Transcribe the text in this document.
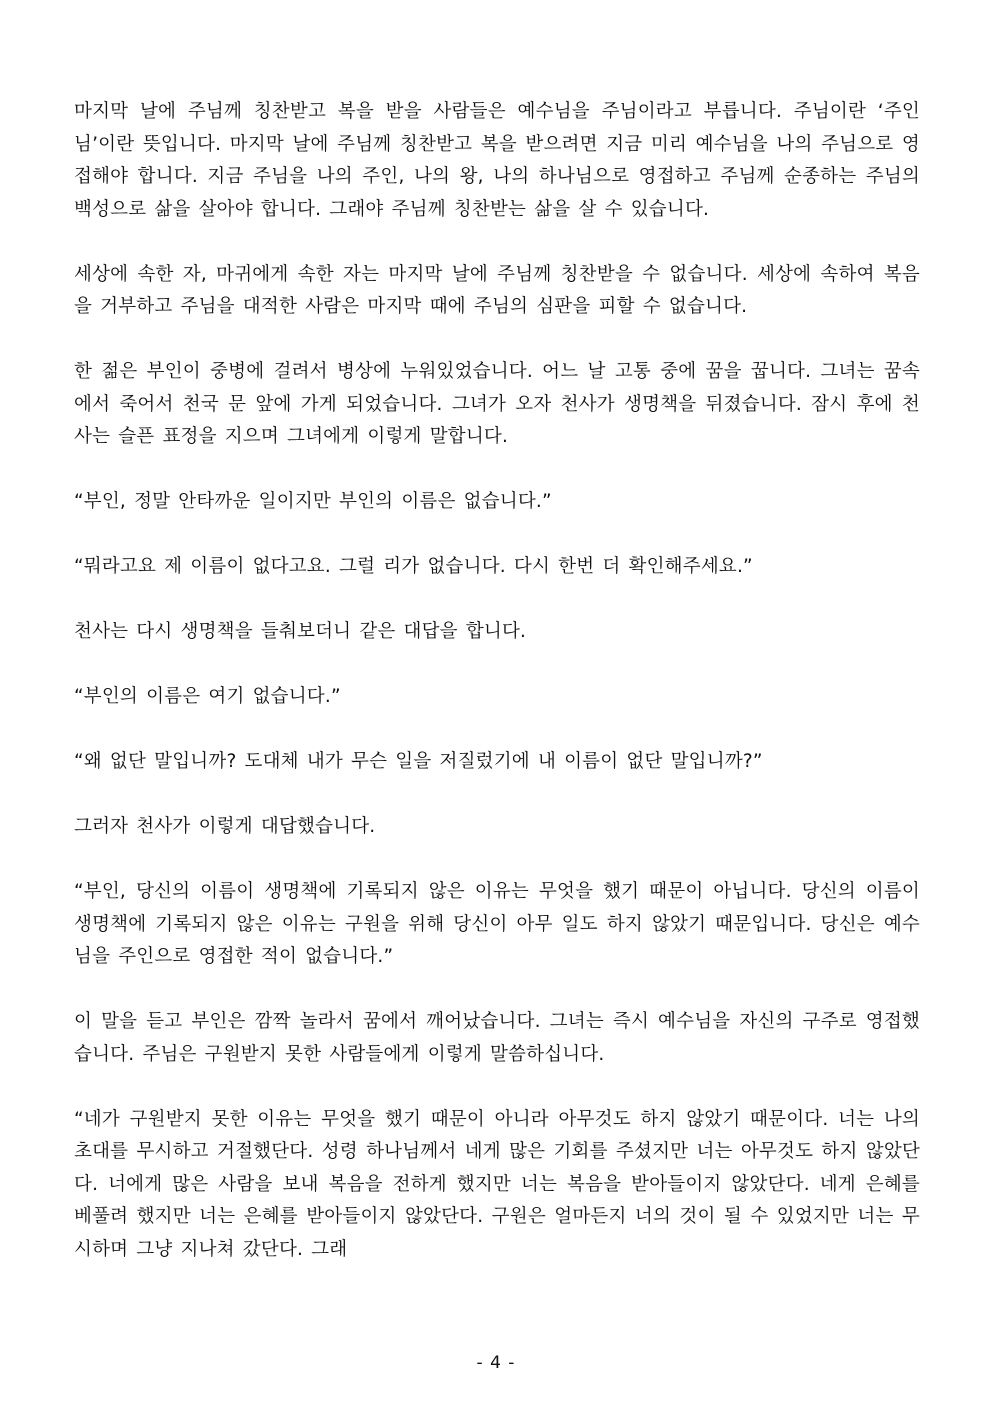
마지막 날에 주님께 칭찬받고 복을 받을 사람들은 예수님을 주님이라고 부릅니다. 주님이란 ‘주인님’이란 뜻입니다. 마지막 날에 주님께 칭찬받고 복을 받으려면 지금 미리 예수님을 나의 주님으로 영접해야 합니다. 지금 주님을 나의 주인, 나의 왕, 나의 하나님으로 영접하고 주님께 순종하는 주님의 백성으로 삶을 살아야 합니다. 그래야 주님께 칭찬받는 삶을 살 수 있습니다.

세상에 속한 자, 마귀에게 속한 자는 마지막 날에 주님께 칭찬받을 수 없습니다. 세상에 속하여 복음을 거부하고 주님을 대적한 사람은 마지막 때에 주님의 심판을 피할 수 없습니다.

한 젊은 부인이 중병에 걸려서 병상에 누워있었습니다. 어느 날 고통 중에 꿈을 꿉니다. 그녀는 꿈속에서 죽어서 천국 문 앞에 가게 되었습니다. 그녀가 오자 천사가 생명책을 뒤졌습니다. 잠시 후에 천사는 슬픈 표정을 지으며 그녀에게 이렇게 말합니다.

“부인, 정말 안타까운 일이지만 부인의 이름은 없습니다.”

“뭐라고요 제 이름이 없다고요. 그럴 리가 없습니다. 다시 한번 더 확인해주세요.”

천사는 다시 생명책을 들춰보더니 같은 대답을 합니다.

“부인의 이름은 여기 없습니다.”

“왜 없단 말입니까? 도대체 내가 무슨 일을 저질렀기에 내 이름이 없단 말입니까?”

그러자 천사가 이렇게 대답했습니다.

“부인, 당신의 이름이 생명책에 기록되지 않은 이유는 무엇을 했기 때문이 아닙니다. 당신의 이름이 생명책에 기록되지 않은 이유는 구원을 위해 당신이 아무 일도 하지 않았기 때문입니다. 당신은 예수님을 주인으로 영접한 적이 없습니다.”

이 말을 듣고 부인은 깜짝 놀라서 꿈에서 깨어났습니다. 그녀는 즉시 예수님을 자신의 구주로 영접했습니다. 주님은 구원받지 못한 사람들에게 이렇게 말씀하십니다.

“네가 구원받지 못한 이유는 무엇을 했기 때문이 아니라 아무것도 하지 않았기 때문이다. 너는 나의 초대를 무시하고 거절했단다. 성령 하나님께서 네게 많은 기회를 주셨지만 너는 아무것도 하지 않았단다. 너에게 많은 사람을 보내 복음을 전하게 했지만 너는 복음을 받아들이지 않았단다. 네게 은혜를 베풀려 했지만 너는 은혜를 받아들이지 않았단다. 구원은 얼마든지 너의 것이 될 수 있었지만 너는 무시하며 그냥 지나쳐 갔단다. 그래

- 4 -
